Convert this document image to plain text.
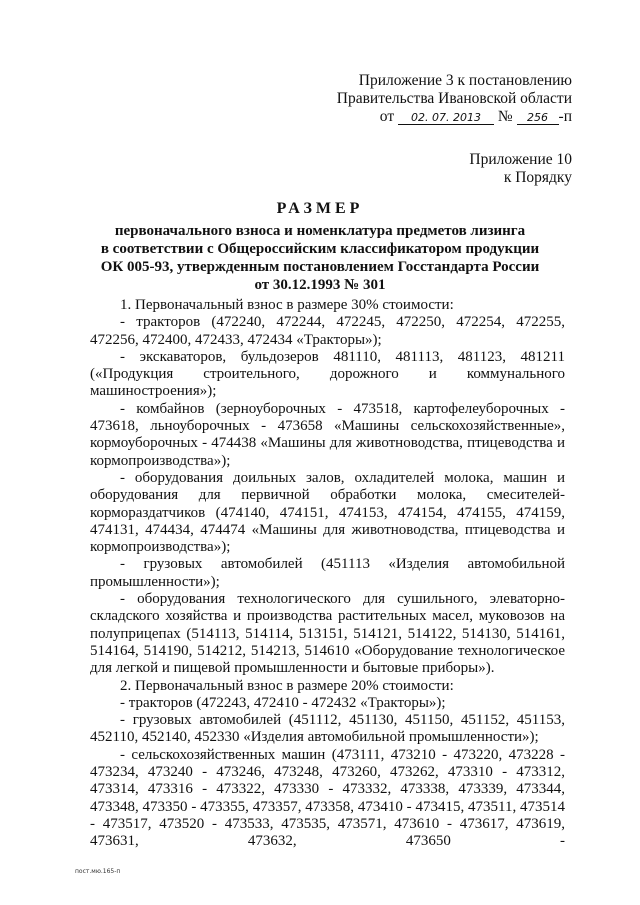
Приложение 3 к постановлению
Правительства Ивановской области
от 02. 07. 2013 № 256 -п
Приложение 10
к Порядку
РАЗМЕР
первоначального взноса и номенклатура предметов лизинга
в соответствии с Общероссийским классификатором продукции
ОК 005-93, утвержденным постановлением Госстандарта России
от 30.12.1993 № 301

1. Первоначальный взнос в размере 30% стоимости:

- тракторов (472240, 472244, 472245, 472250, 472254, 472255, 472256, 472400, 472433, 472434 «Тракторы»);

- экскаваторов, бульдозеров 481110, 481113, 481123, 481211 («Продукция строительного, дорожного и коммунального машиностроения»);

- комбайнов (зерноуборочных - 473518, картофелеуборочных - 473618, льноуборочных - 473658 «Машины сельскохозяйственные», кормоуборочных - 474438 «Машины для животноводства, птицеводства и кормопроизводства»);

- оборудования доильных залов, охладителей молока, машин и оборудования для первичной обработки молока, смесителей-кормораздатчиков (474140, 474151, 474153, 474154, 474155, 474159, 474131, 474434, 474474 «Машины для животноводства, птицеводства и кормопроизводства»);

- грузовых автомобилей (451113 «Изделия автомобильной промышленности»);

- оборудования технологического для сушильного, элеваторно-складского хозяйства и производства растительных масел, муковозов на полуприцепах (514113, 514114, 513151, 514121, 514122, 514130, 514161, 514164, 514190, 514212, 514213, 514610 «Оборудование технологическое для легкой и пищевой промышленности и бытовые приборы»).

2. Первоначальный взнос в размере 20% стоимости:

- тракторов (472243, 472410 - 472432 «Тракторы»);

- грузовых автомобилей (451112, 451130, 451150, 451152, 451153, 452110, 452140, 452330 «Изделия автомобильной промышленности»);

- сельскохозяйственных машин (473111, 473210 - 473220, 473228 - 473234, 473240 - 473246, 473248, 473260, 473262, 473310 - 473312, 473314, 473316 - 473322, 473330 - 473332, 473338, 473339, 473344, 473348, 473350 - 473355, 473357, 473358, 473410 - 473415, 473511, 473514 - 473517, 473520 - 473533, 473535, 473571, 473610 - 473617, 473619, 473631, 473632, 473650 -

пост.мю.165-п
